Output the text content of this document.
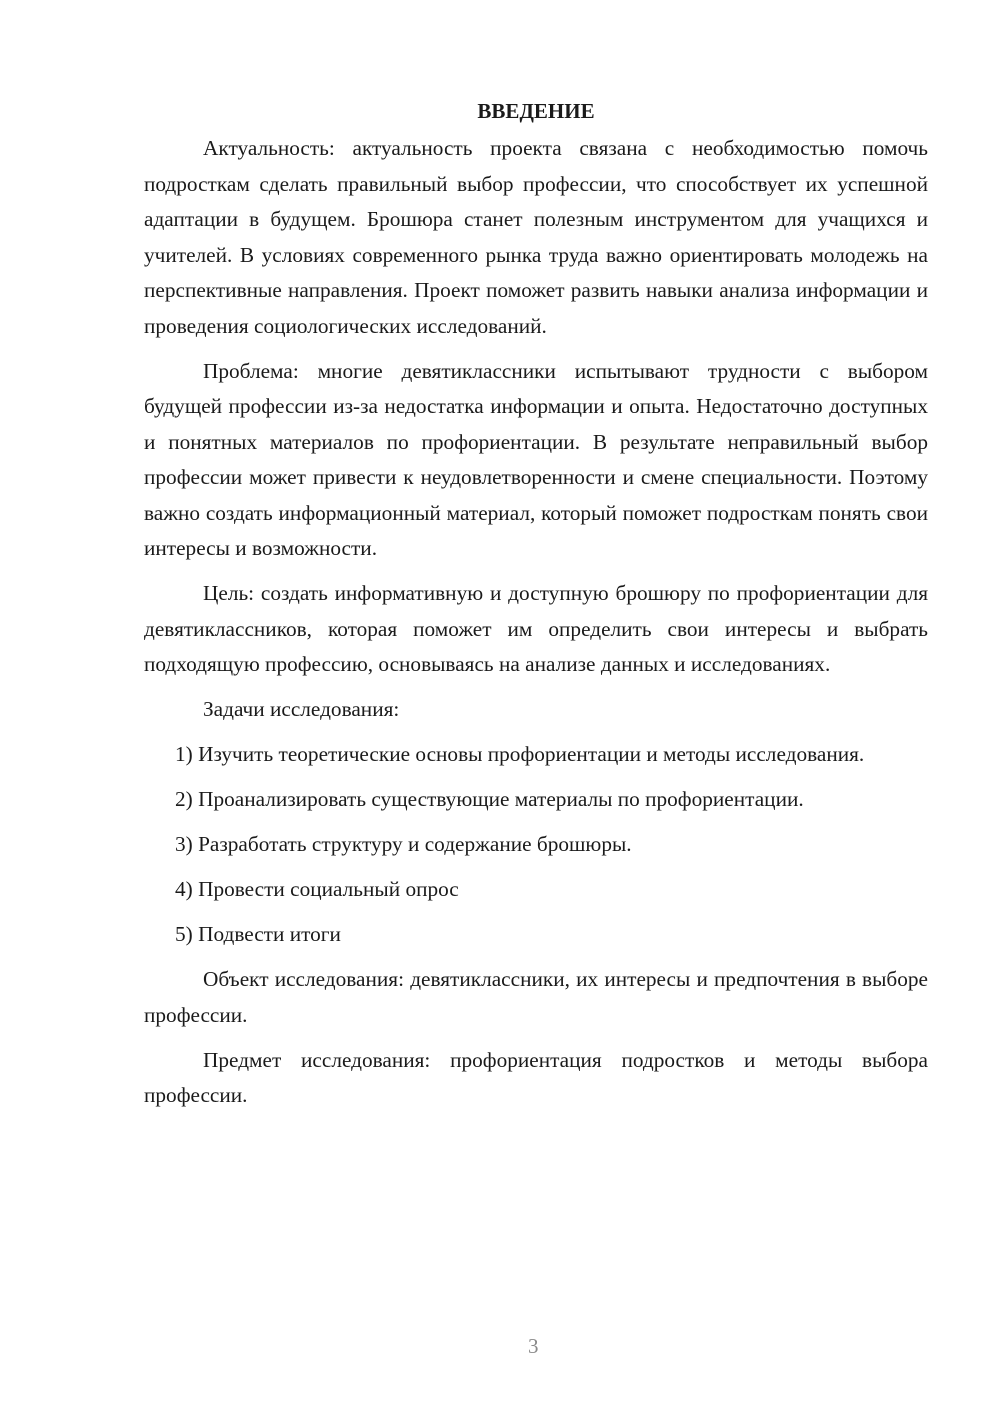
ВВЕДЕНИЕ

Актуальность: актуальность проекта связана с необходимостью помочь подросткам сделать правильный выбор профессии, что способствует их успешной адаптации в будущем. Брошюра станет полезным инструментом для учащихся и учителей. В условиях современного рынка труда важно ориентировать молодежь на перспективные направления. Проект поможет развить навыки анализа информации и проведения социологических исследований.

Проблема: многие девятиклассники испытывают трудности с выбором будущей профессии из-за недостатка информации и опыта. Недостаточно доступных и понятных материалов по профориентации. В результате неправильный выбор профессии может привести к неудовлетворенности и смене специальности. Поэтому важно создать информационный материал, который поможет подросткам понять свои интересы и возможности.

Цель: создать информативную и доступную брошюру по профориентации для девятиклассников, которая поможет им определить свои интересы и выбрать подходящую профессию, основываясь на анализе данных и исследованиях.

Задачи исследования:

1) Изучить теоретические основы профориентации и методы исследования.

2) Проанализировать существующие материалы по профориентации.

3) Разработать структуру и содержание брошюры.

4) Провести социальный опрос

5) Подвести итоги

Объект исследования: девятиклассники, их интересы и предпочтения в выборе профессии.

Предмет исследования: профориентация подростков и методы выбора профессии.

3
